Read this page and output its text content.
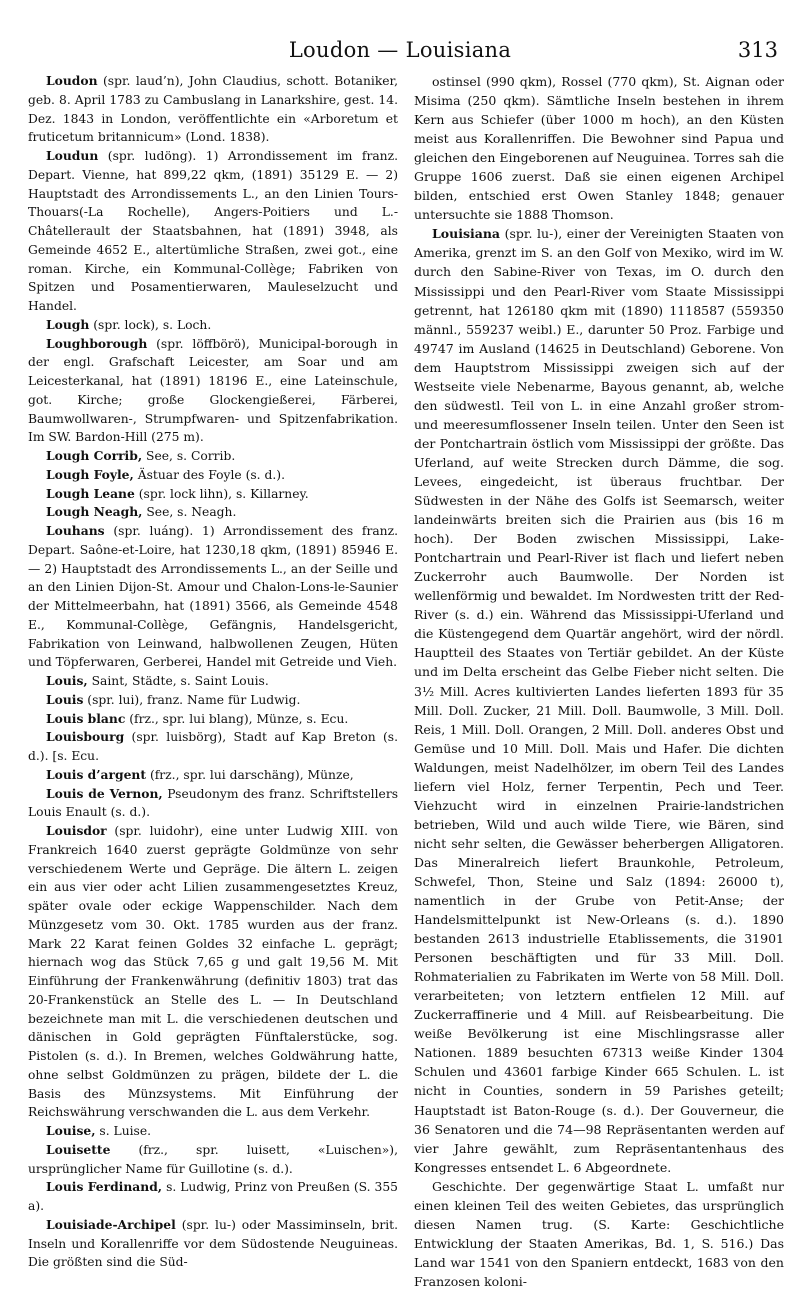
Loudon — Louisiana	313

Loudon (spr. laud’n), John Claudius, schott. Botaniker, geb. 8. April 1783 zu Cambuslang in Lanarkshire, gest. 14. Dez. 1843 in London, veröffentlichte ein «Arboretum et fruticetum britannicum» (Lond. 1838).

Loudun (spr. ludöng). 1) Arrondissement im franz. Depart. Vienne, hat 899,22 qkm, (1891) 35129 E. — 2) Hauptstadt des Arrondissements L., an den Linien Tours-Thouars(-La Rochelle), Angers-Poitiers und L.-Châtellerault der Staatsbahnen, hat (1891) 3948, als Gemeinde 4652 E., altertümliche Straßen, zwei got., eine roman. Kirche, ein Kommunal-Collège; Fabriken von Spitzen und Posamentierwaren, Mauleselzucht und Handel.

Lough (spr. lock), s. Loch.

Loughborough (spr. löffbörö), Municipal-borough in der engl. Grafschaft Leicester, am Soar und am Leicesterkanal, hat (1891) 18196 E., eine Lateinschule, got. Kirche; große Glockengießerei, Färberei, Baumwollwaren-, Strumpfwaren- und Spitzenfabrikation. Im SW. Bardon-Hill (275 m).

Lough Corrib, See, s. Corrib.

Lough Foyle, Ästuar des Foyle (s. d.).

Lough Leane (spr. lock lihn), s. Killarney.

Lough Neagh, See, s. Neagh.

Louhans (spr. luáng). 1) Arrondissement des franz. Depart. Saône-et-Loire, hat 1230,18 qkm, (1891) 85946 E. — 2) Hauptstadt des Arrondissements L., an der Seille und an den Linien Dijon-St. Amour und Chalon-Lons-le-Saunier der Mittelmeerbahn, hat (1891) 3566, als Gemeinde 4548 E., Kommunal-Collège, Gefängnis, Handelsgericht, Fabrikation von Leinwand, halbwollenen Zeugen, Hüten und Töpferwaren, Gerberei, Handel mit Getreide und Vieh.

Louis, Saint, Städte, s. Saint Louis.

Louis (spr. lui), franz. Name für Ludwig.

Louis blanc (frz., spr. lui blang), Münze, s. Ecu.

Louisbourg (spr. luisbörg), Stadt auf Kap Breton (s. d.). [s. Ecu.

Louis d’argent (frz., spr. lui darschäng), Münze,

Louis de Vernon, Pseudonym des franz. Schriftstellers Louis Enault (s. d.).

Louisdor (spr. luidohr), eine unter Ludwig XIII. von Frankreich 1640 zuerst geprägte Goldmünze von sehr verschiedenem Werte und Gepräge. Die ältern L. zeigen ein aus vier oder acht Lilien zusammengesetztes Kreuz, später ovale oder eckige Wappenschilder. Nach dem Münzgesetz vom 30. Okt. 1785 wurden aus der franz. Mark 22 Karat feinen Goldes 32 einfache L. geprägt; hiernach wog das Stück 7,65 g und galt 19,56 M. Mit Einführung der Frankenwährung (definitiv 1803) trat das 20-Frankenstück an Stelle des L. — In Deutschland bezeichnete man mit L. die verschiedenen deutschen und dänischen in Gold geprägten Fünftalerstücke, sog. Pistolen (s. d.). In Bremen, welches Goldwährung hatte, ohne selbst Goldmünzen zu prägen, bildete der L. die Basis des Münzsystems. Mit Einführung der Reichswährung verschwanden die L. aus dem Verkehr.

Louise, s. Luise.

Louisette (frz., spr. luisett, «Luischen»), ursprünglicher Name für Guillotine (s. d.).

Louis Ferdinand, s. Ludwig, Prinz von Preußen (S. 355 a).

Louisiade-Archipel (spr. lu-) oder Massiminseln, brit. Inseln und Korallenriffe vor dem Südostende Neuguineas. Die größten sind die Süd-

ostinsel (990 qkm), Rossel (770 qkm), St. Aignan oder Misima (250 qkm). Sämtliche Inseln bestehen in ihrem Kern aus Schiefer (über 1000 m hoch), an den Küsten meist aus Korallenriffen. Die Bewohner sind Papua und gleichen den Eingeborenen auf Neuguinea. Torres sah die Gruppe 1606 zuerst. Daß sie einen eigenen Archipel bilden, entschied erst Owen Stanley 1848; genauer untersuchte sie 1888 Thomson.

Louisiana (spr. lu-), einer der Vereinigten Staaten von Amerika, grenzt im S. an den Golf von Mexiko, wird im W. durch den Sabine-River von Texas, im O. durch den Mississippi und den Pearl-River vom Staate Mississippi getrennt, hat 126180 qkm mit (1890) 1118587 (559350 männl., 559237 weibl.) E., darunter 50 Proz. Farbige und 49747 im Ausland (14625 in Deutschland) Geborene. Von dem Hauptstrom Mississippi zweigen sich auf der Westseite viele Nebenarme, Bayous genannt, ab, welche den südwestl. Teil von L. in eine Anzahl großer strom- und meeresumflossener Inseln teilen. Unter den Seen ist der Pontchartrain östlich vom Mississippi der größte. Das Uferland, auf weite Strecken durch Dämme, die sog. Levees, eingedeicht, ist überaus fruchtbar. Der Südwesten in der Nähe des Golfs ist Seemarsch, weiter landeinwärts breiten sich die Prairien aus (bis 16 m hoch). Der Boden zwischen Mississippi, Lake-Pontchartrain und Pearl-River ist flach und liefert neben Zuckerrohr auch Baumwolle. Der Norden ist wellenförmig und bewaldet. Im Nordwesten tritt der Red-River (s. d.) ein. Während das Mississippi-Uferland und die Küstengegend dem Quartär angehört, wird der nördl. Hauptteil des Staates von Tertiär gebildet. An der Küste und im Delta erscheint das Gelbe Fieber nicht selten. Die 3½ Mill. Acres kultivierten Landes lieferten 1893 für 35 Mill. Doll. Zucker, 21 Mill. Doll. Baumwolle, 3 Mill. Doll. Reis, 1 Mill. Doll. Orangen, 2 Mill. Doll. anderes Obst und Gemüse und 10 Mill. Doll. Mais und Hafer. Die dichten Waldungen, meist Nadelhölzer, im obern Teil des Landes liefern viel Holz, ferner Terpentin, Pech und Teer. Viehzucht wird in einzelnen Prairie-landstrichen betrieben, Wild und auch wilde Tiere, wie Bären, sind nicht sehr selten, die Gewässer beherbergen Alligatoren. Das Mineralreich liefert Braunkohle, Petroleum, Schwefel, Thon, Steine und Salz (1894: 26000 t), namentlich in der Grube von Petit-Anse; der Handelsmittelpunkt ist New-Orleans (s. d.). 1890 bestanden 2613 industrielle Etablissements, die 31901 Personen beschäftigten und für 33 Mill. Doll. Rohmaterialien zu Fabrikaten im Werte von 58 Mill. Doll. verarbeiteten; von letztern entfielen 12 Mill. auf Zuckerraffinerie und 4 Mill. auf Reisbearbeitung. Die weiße Bevölkerung ist eine Mischlingsrasse aller Nationen. 1889 besuchten 67313 weiße Kinder 1304 Schulen und 43601 farbige Kinder 665 Schulen. L. ist nicht in Counties, sondern in 59 Parishes geteilt; Hauptstadt ist Baton-Rouge (s. d.). Der Gouverneur, die 36 Senatoren und die 74—98 Repräsentanten werden auf vier Jahre gewählt, zum Repräsentantenhaus des Kongresses entsendet L. 6 Abgeordnete.

Geschichte. Der gegenwärtige Staat L. umfaßt nur einen kleinen Teil des weiten Gebietes, das ursprünglich diesen Namen trug. (S. Karte: Geschichtliche Entwicklung der Staaten Amerikas, Bd. 1, S. 516.) Das Land war 1541 von den Spaniern entdeckt, 1683 von den Franzosen koloni-
